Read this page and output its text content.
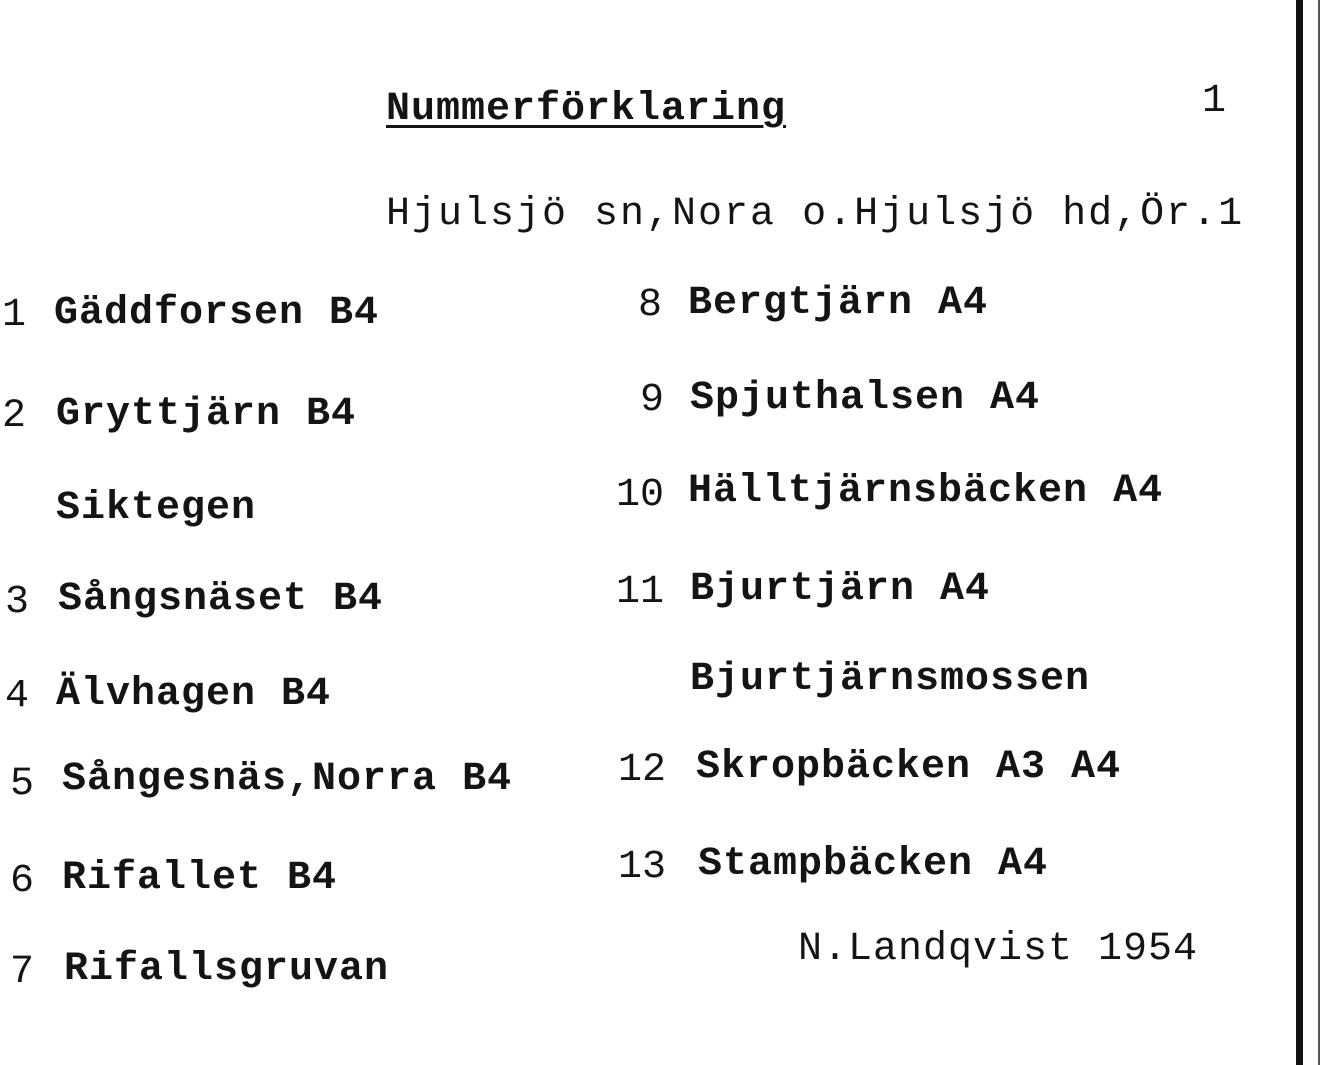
Nummerförklaring	1
Hjulsjö sn,Nora o.Hjulsjö hd,Ör.1
1 Gäddforsen B4
2 Gryttjärn B4
Siktegen
3 Sångsnäset B4
4 Älvhagen B4
5 Sångesnäs,Norra B4
6 Rifallet B4
7 Rifallsgruvan
8 Bergtjärn A4
9 Spjuthalsen A4
10 Hälltjärnsbäcken A4
11 Bjurtjärn A4
Bjurtjärnsmossen
12 Skropbäcken A3 A4
13 Stampbäcken A4
N.Landqvist 1954
